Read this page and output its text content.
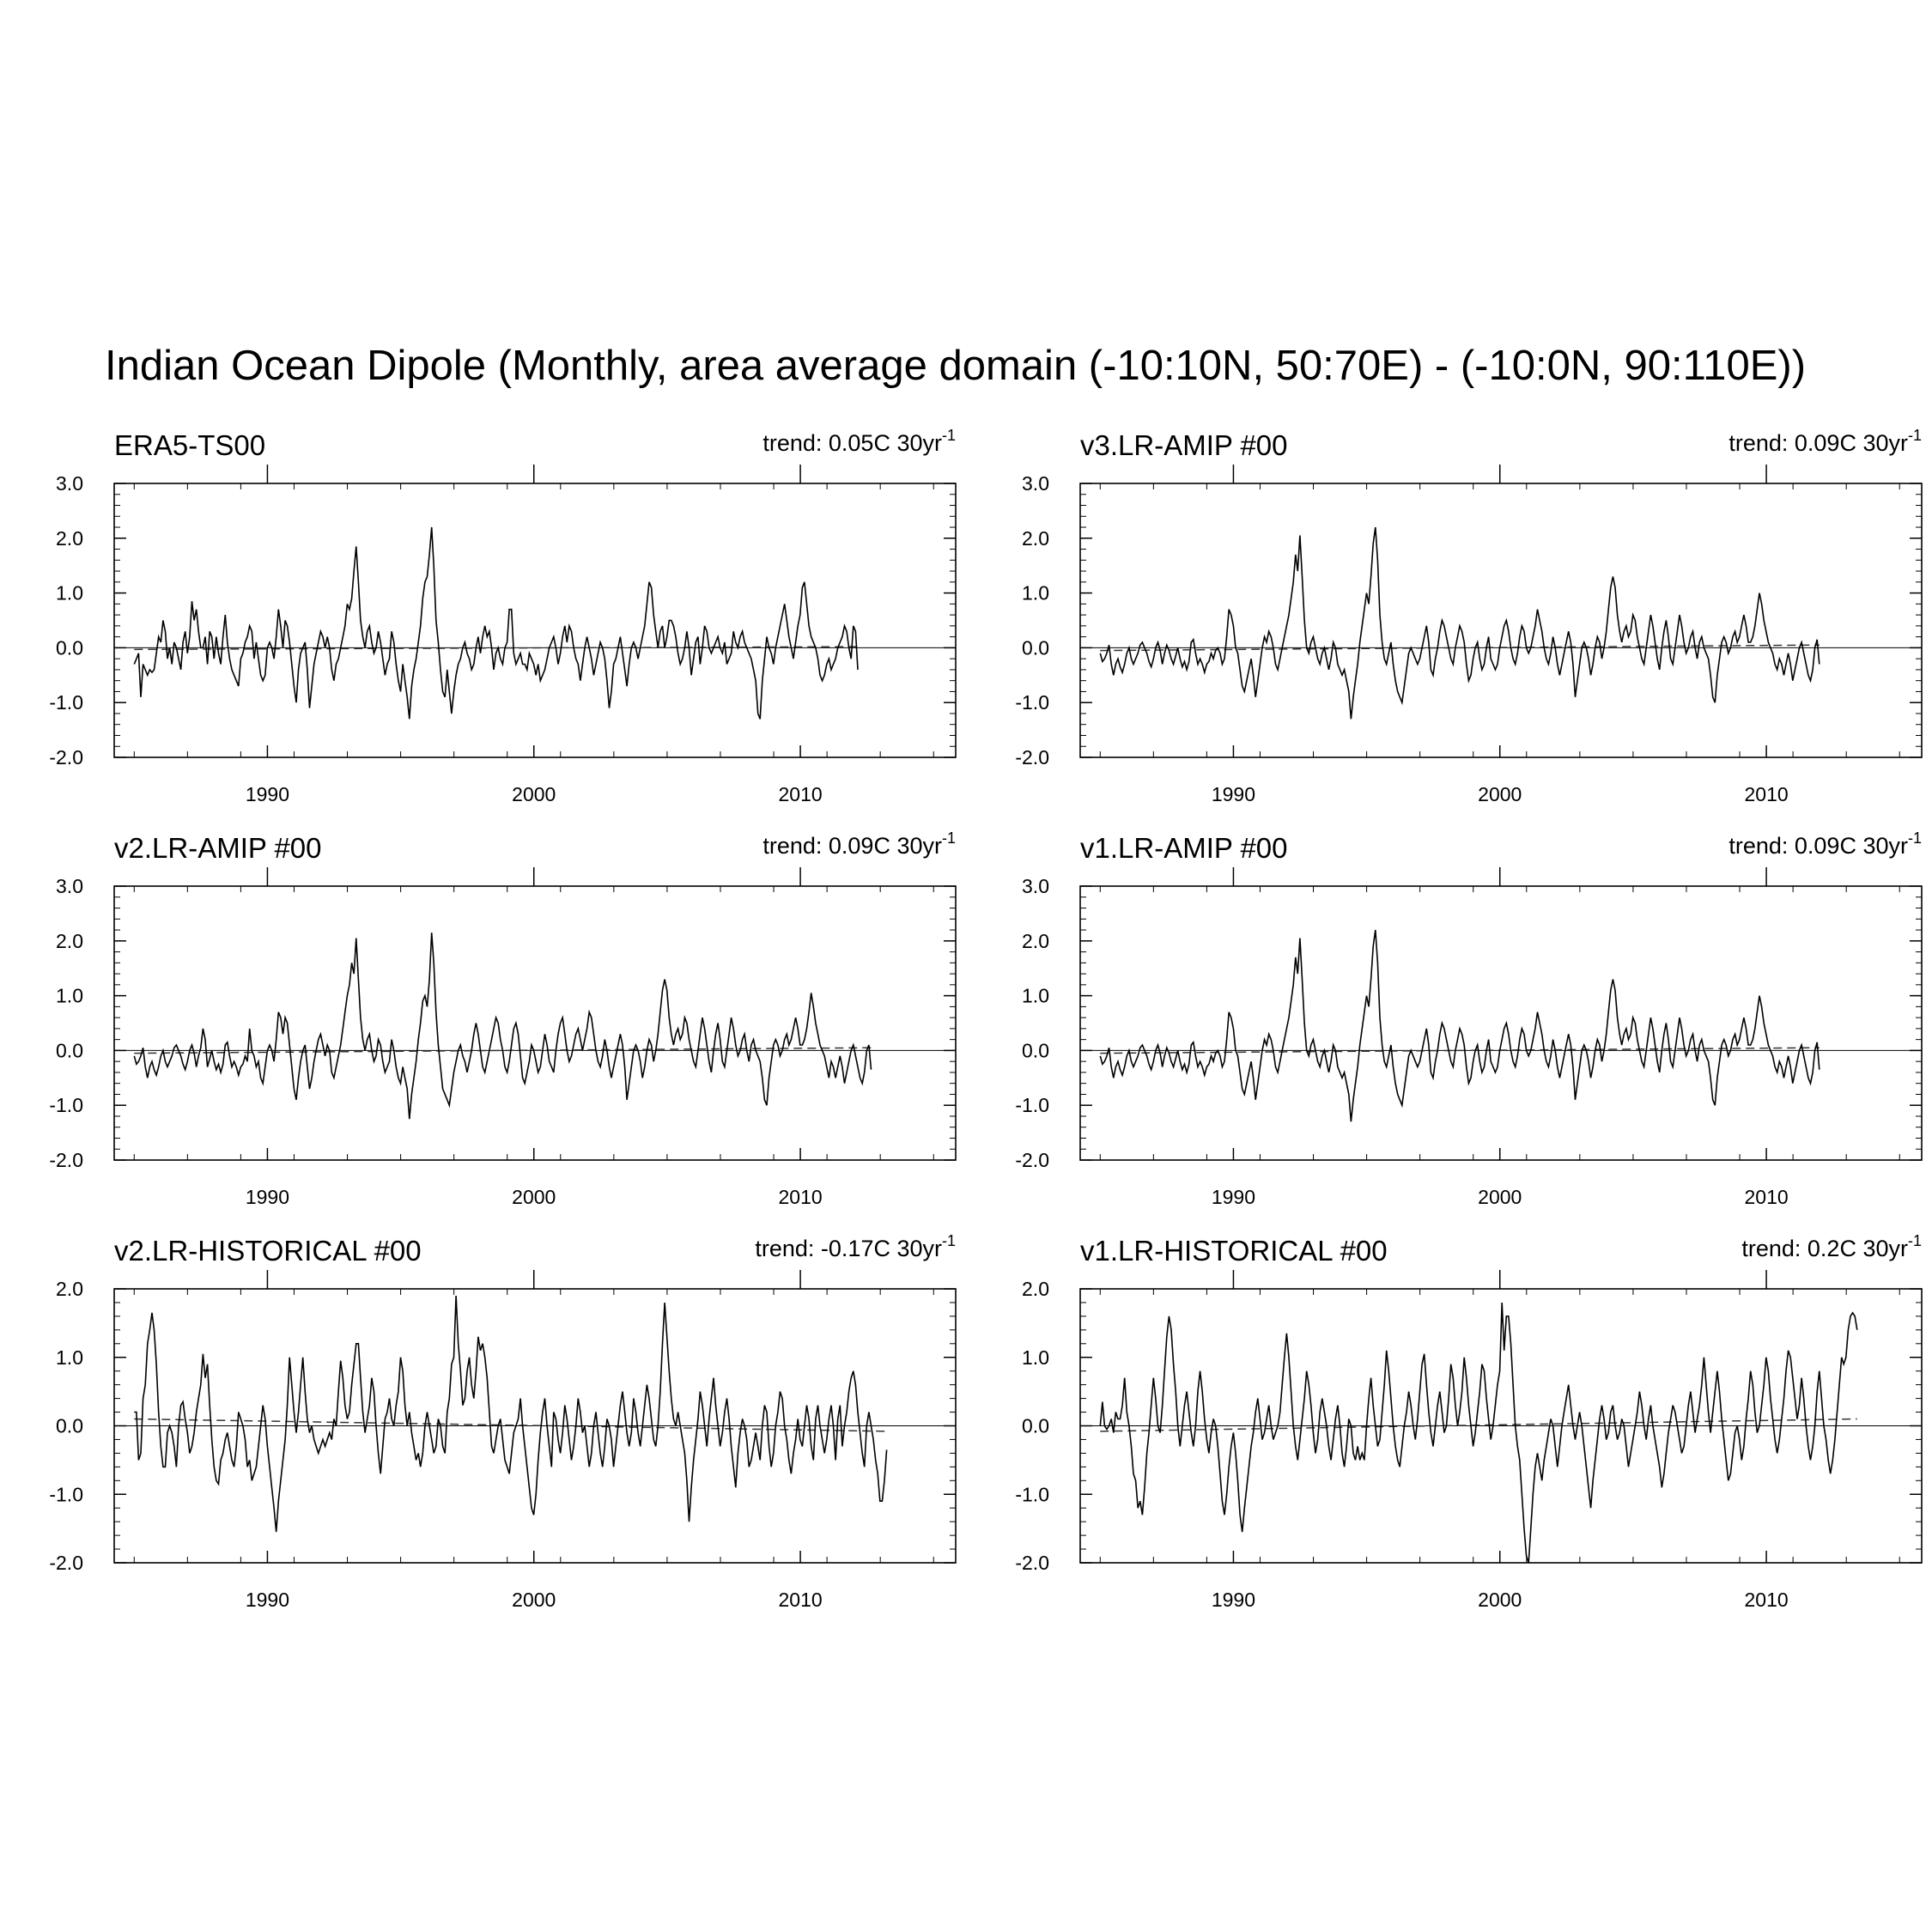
Indian Ocean Dipole (Monthly, area average domain (-10:10N, 50:70E) - (-10:0N, 90:110E))
3.0
2.0
1.0
0.0
-1.0
-2.0
1990	2000	2010
ERA5-TS00	trend: 0.05C $30yr^{-1}$
3.0
2.0
1.0
0.0
-1.0
-2.0
1990	2000	2010
v3.LR-AMIP #00	trend: 0.09C $30yr^{-1}$
3.0
2.0
1.0
0.0
-1.0
-2.0
1990	2000	2010
v2.LR-AMIP #00	trend: 0.09C $30yr^{-1}$
3.0
2.0
1.0
0.0
-1.0
-2.0
1990	2000	2010
v1.LR-AMIP #00	trend: 0.09C $30yr^{-1}$
2.0
1.0
0.0
-1.0
-2.0
1990	2000	2010
v2.LR-HISTORICAL #00	trend: -0.17C $30yr^{-1}$
2.0
1.0
0.0
-1.0
-2.0
1990	2000	2010
v1.LR-HISTORICAL #00	trend: 0.2C $30yr^{-1}$
